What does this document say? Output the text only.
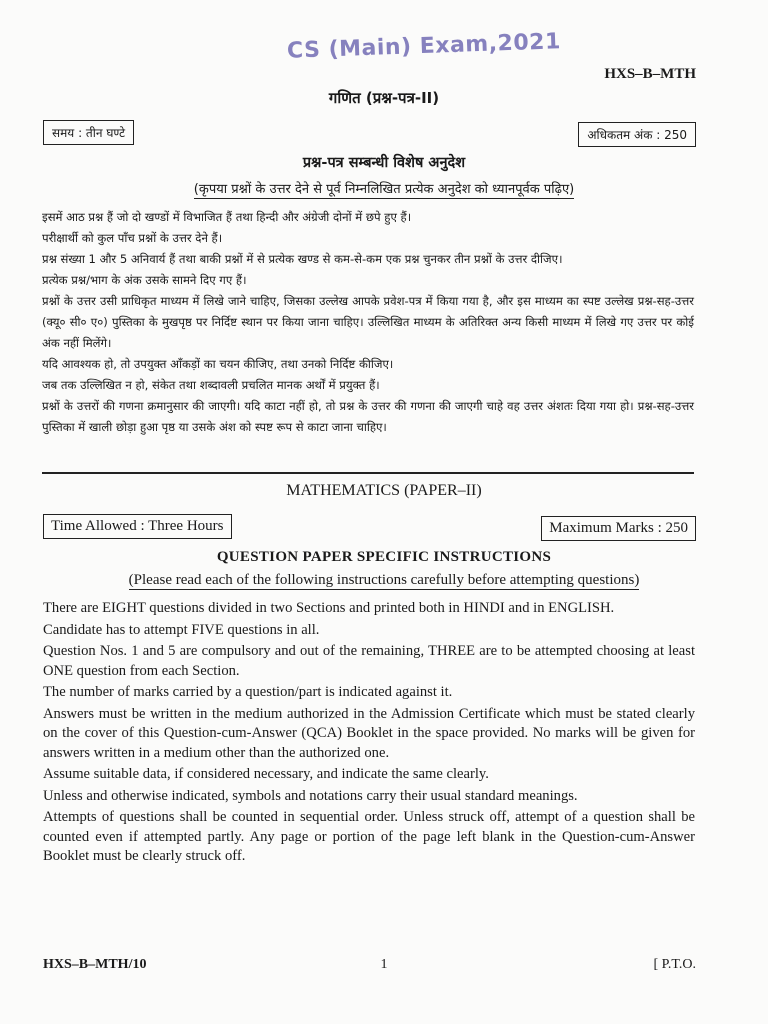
CS (Main) Exam,2021
HXS–B–MTH
गणित (प्रश्न-पत्र-II)
समय : तीन घण्टे	अधिकतम अंक : 250
प्रश्न-पत्र सम्बन्धी विशेष अनुदेश
(कृपया प्रश्नों के उत्तर देने से पूर्व निम्नलिखित प्रत्येक अनुदेश को ध्यानपूर्वक पढ़िए)

इसमें आठ प्रश्न हैं जो दो खण्डों में विभाजित हैं तथा हिन्दी और अंग्रेजी दोनों में छपे हुए हैं।

परीक्षार्थी को कुल पाँच प्रश्नों के उत्तर देने हैं।

प्रश्न संख्या 1 और 5 अनिवार्य हैं तथा बाकी प्रश्नों में से प्रत्येक खण्ड से कम-से-कम एक प्रश्न चुनकर तीन प्रश्नों के उत्तर दीजिए।

प्रत्येक प्रश्न/भाग के अंक उसके सामने दिए गए हैं।

प्रश्नों के उत्तर उसी प्राधिकृत माध्यम में लिखे जाने चाहिए, जिसका उल्लेख आपके प्रवेश-पत्र में किया गया है, और इस माध्यम का स्पष्ट उल्लेख प्रश्न-सह-उत्तर (क्यू० सी० ए०) पुस्तिका के मुखपृष्ठ पर निर्दिष्ट स्थान पर किया जाना चाहिए। उल्लिखित माध्यम के अतिरिक्त अन्य किसी माध्यम में लिखे गए उत्तर पर कोई अंक नहीं मिलेंगे।

यदि आवश्यक हो, तो उपयुक्त आँकड़ों का चयन कीजिए, तथा उनको निर्दिष्ट कीजिए।

जब तक उल्लिखित न हो, संकेत तथा शब्दावली प्रचलित मानक अर्थों में प्रयुक्त हैं।

प्रश्नों के उत्तरों की गणना क्रमानुसार की जाएगी। यदि काटा नहीं हो, तो प्रश्न के उत्तर की गणना की जाएगी चाहे वह उत्तर अंशतः दिया गया हो। प्रश्न-सह-उत्तर पुस्तिका में खाली छोड़ा हुआ पृष्ठ या उसके अंश को स्पष्ट रूप से काटा जाना चाहिए।

MATHEMATICS (PAPER–II)
Time Allowed : Three Hours	Maximum Marks : 250
QUESTION PAPER SPECIFIC INSTRUCTIONS
(Please read each of the following instructions carefully before attempting questions)

There are EIGHT questions divided in two Sections and printed both in HINDI and in ENGLISH.

Candidate has to attempt FIVE questions in all.

Question Nos. 1 and 5 are compulsory and out of the remaining, THREE are to be attempted choosing at least ONE question from each Section.

The number of marks carried by a question/part is indicated against it.

Answers must be written in the medium authorized in the Admission Certificate which must be stated clearly on the cover of this Question-cum-Answer (QCA) Booklet in the space provided. No marks will be given for answers written in a medium other than the authorized one.

Assume suitable data, if considered necessary, and indicate the same clearly.

Unless and otherwise indicated, symbols and notations carry their usual standard meanings.

Attempts of questions shall be counted in sequential order. Unless struck off, attempt of a question shall be counted even if attempted partly. Any page or portion of the page left blank in the Question-cum-Answer Booklet must be clearly struck off.

HXS–B–MTH/10	1	[ P.T.O.
